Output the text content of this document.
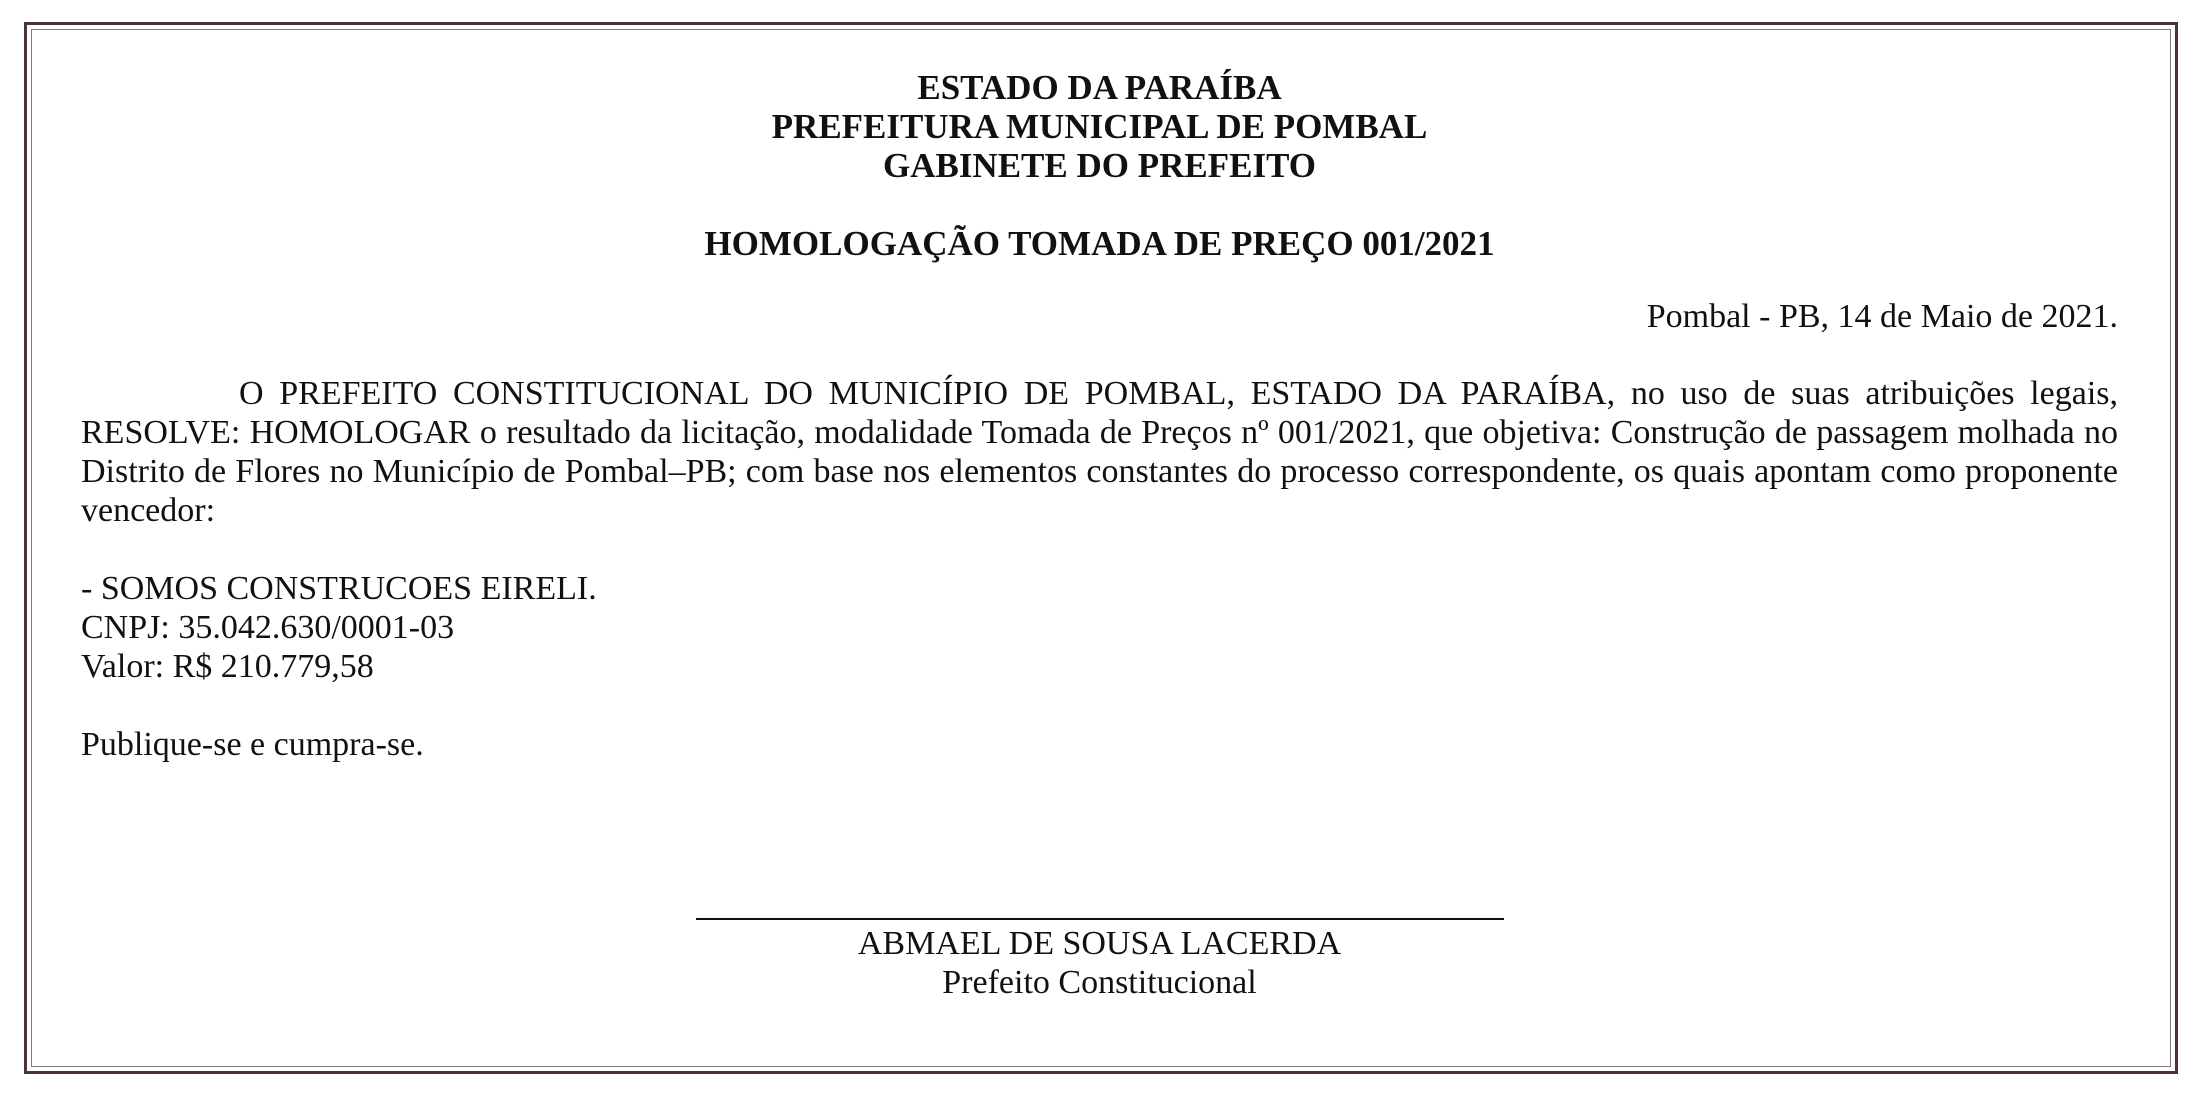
ESTADO DA PARAÍBA
PREFEITURA MUNICIPAL DE POMBAL
GABINETE DO PREFEITO
HOMOLOGAÇÃO TOMADA DE PREÇO 001/2021
Pombal - PB, 14 de Maio de 2021.
O PREFEITO CONSTITUCIONAL DO MUNICÍPIO DE POMBAL, ESTADO DA PARAÍBA, no uso de suas atribuições legais, RESOLVE: HOMOLOGAR o resultado da licitação, modalidade Tomada de Preços nº 001/2021, que objetiva: Construção de passagem molhada no Distrito de Flores no Município de Pombal–PB; com base nos elementos constantes do processo correspondente, os quais apontam como proponente vencedor:
- SOMOS CONSTRUCOES EIRELI.
CNPJ: 35.042.630/0001-03
Valor: R$ 210.779,58
Publique-se e cumpra-se.
ABMAEL DE SOUSA LACERDA
Prefeito Constitucional
